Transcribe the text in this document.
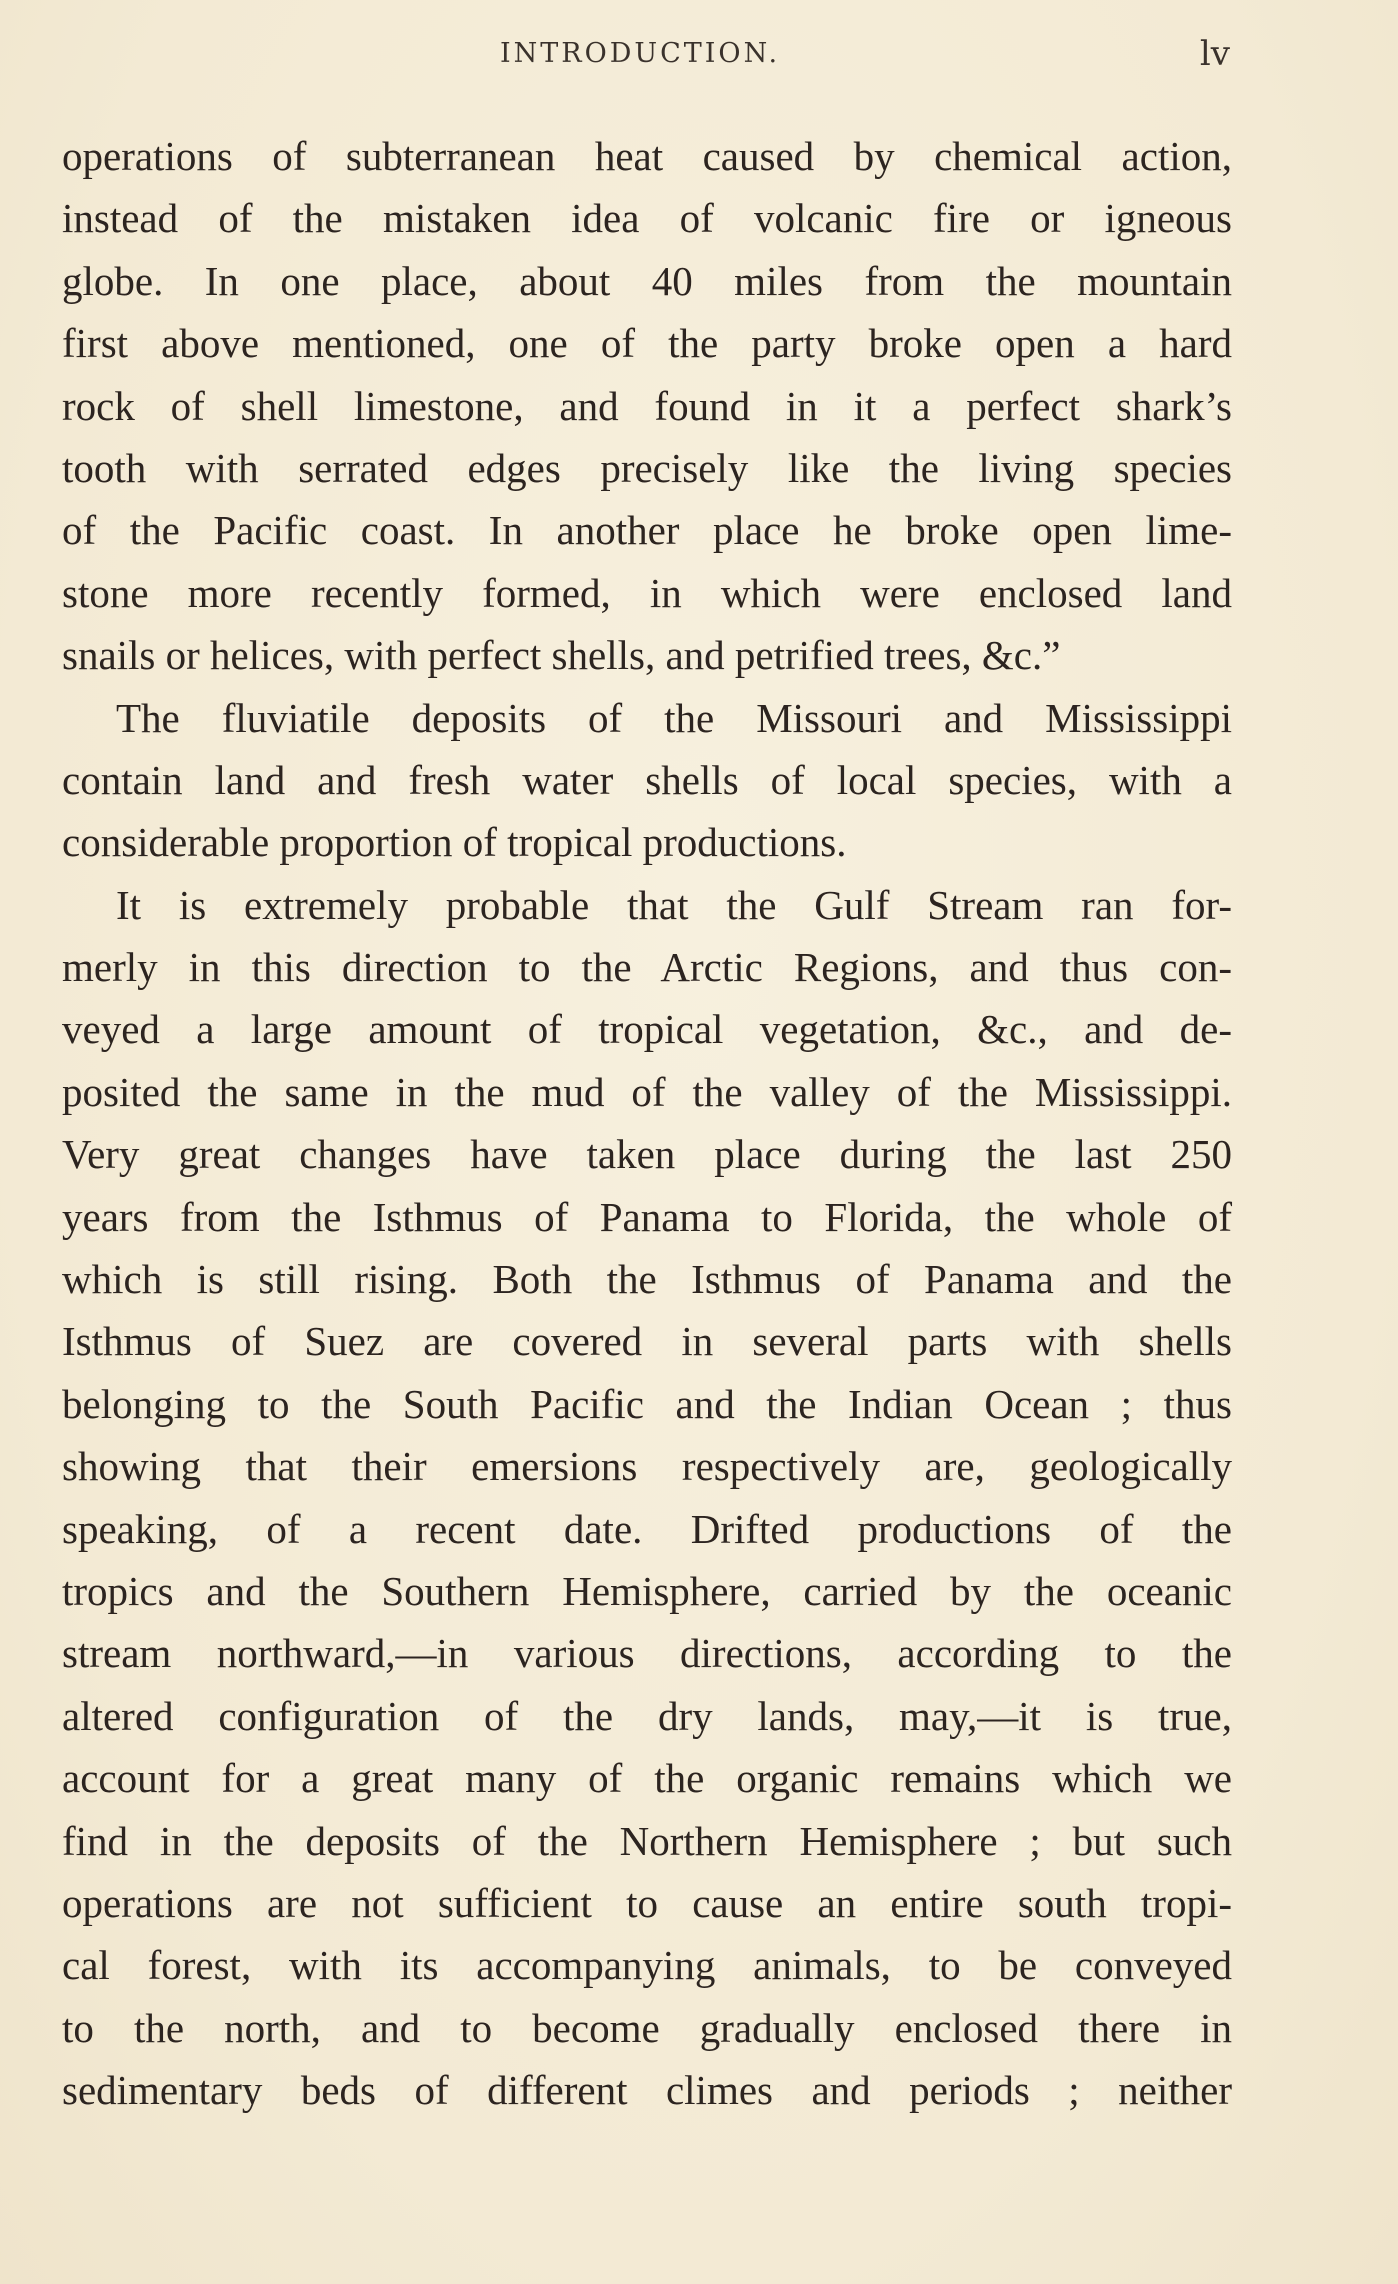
INTRODUCTION.	lv
operations of subterranean heat caused by chemical action,
instead of the mistaken idea of volcanic fire or igneous
globe. In one place, about 40 miles from the mountain
first above mentioned, one of the party broke open a hard
rock of shell limestone, and found in it a perfect shark’s
tooth with serrated edges precisely like the living species
of the Pacific coast. In another place he broke open lime-
stone more recently formed, in which were enclosed land
snails or helices, with perfect shells, and petrified trees, &c.”
The fluviatile deposits of the Missouri and Mississippi
contain land and fresh water shells of local species, with a
considerable proportion of tropical productions.
It is extremely probable that the Gulf Stream ran for-
merly in this direction to the Arctic Regions, and thus con-
veyed a large amount of tropical vegetation, &c., and de-
posited the same in the mud of the valley of the Mississippi.
Very great changes have taken place during the last 250
years from the Isthmus of Panama to Florida, the whole of
which is still rising. Both the Isthmus of Panama and the
Isthmus of Suez are covered in several parts with shells
belonging to the South Pacific and the Indian Ocean ; thus
showing that their emersions respectively are, geologically
speaking, of a recent date. Drifted productions of the
tropics and the Southern Hemisphere, carried by the oceanic
stream northward,—in various directions, according to the
altered configuration of the dry lands, may,—it is true,
account for a great many of the organic remains which we
find in the deposits of the Northern Hemisphere ; but such
operations are not sufficient to cause an entire south tropi-
cal forest, with its accompanying animals, to be conveyed
to the north, and to become gradually enclosed there in
sedimentary beds of different climes and periods ; neither
